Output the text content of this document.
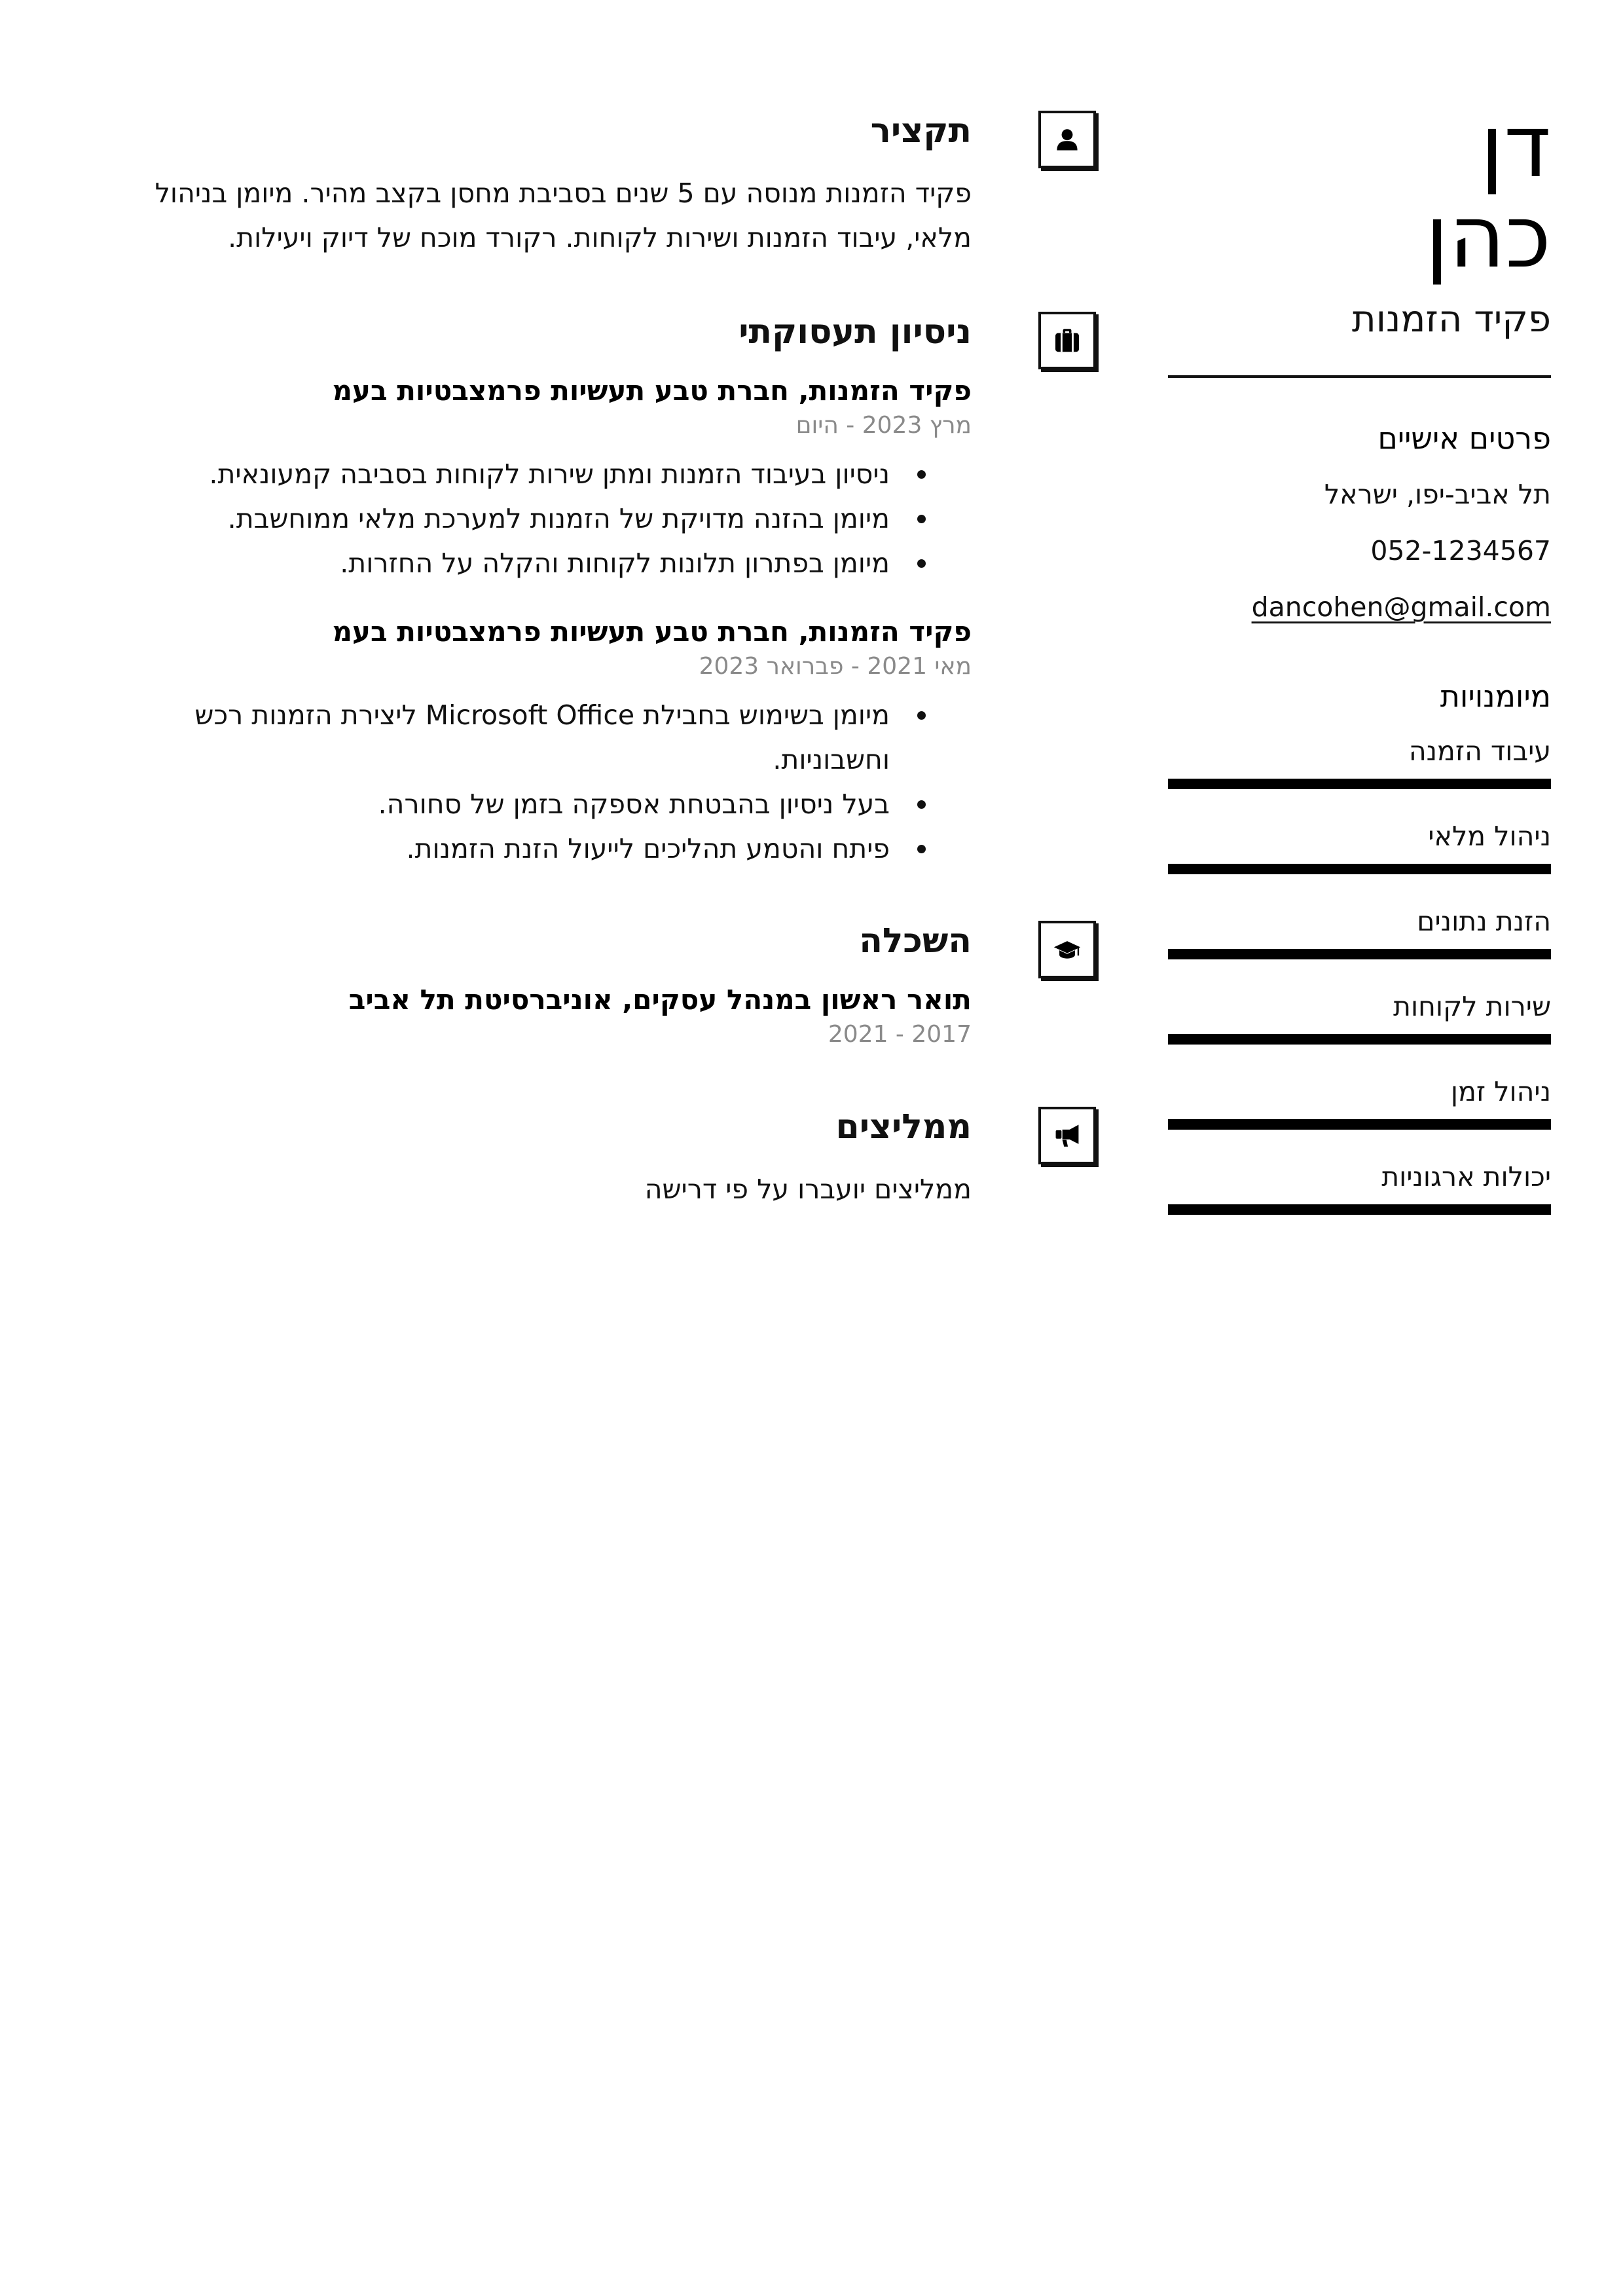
דן
כהן
פקיד הזמנות
פרטים אישיים
תל אביב-יפו, ישראל
052-1234567
dancohen@gmail.com
מיומנויות
עיבוד הזמנה
ניהול מלאי
הזנת נתונים
שירות לקוחות
ניהול זמן
יכולות ארגוניות
תקציר

פקיד הזמנות מנוסה עם 5 שנים בסביבת מחסן בקצב מהיר. מיומן בניהול מלאי, עיבוד הזמנות ושירות לקוחות. רקורד מוכח של דיוק ויעילות.

ניסיון תעסוקתי

פקיד הזמנות, חברת טבע תעשיות פרמצבטיות בעמ

מרץ 2023 - היום

ניסיון בעיבוד הזמנות ומתן שירות לקוחות בסביבה קמעונאית.
מיומן בהזנה מדויקת של הזמנות למערכת מלאי ממוחשבת.
מיומן בפתרון תלונות לקוחות והקלה על החזרות.

פקיד הזמנות, חברת טבע תעשיות פרמצבטיות בעמ

מאי 2021 - פברואר 2023

מיומן בשימוש בחבילת Microsoft Office ליצירת הזמנות רכש וחשבוניות.
בעל ניסיון בהבטחת אספקה בזמן של סחורה.
פיתח והטמע תהליכים לייעול הזנת הזמנות.
השכלה

תואר ראשון במנהל עסקים, אוניברסיטת תל אביב

2017 - 2021

ממליצים

ממליצים יועברו על פי דרישה
